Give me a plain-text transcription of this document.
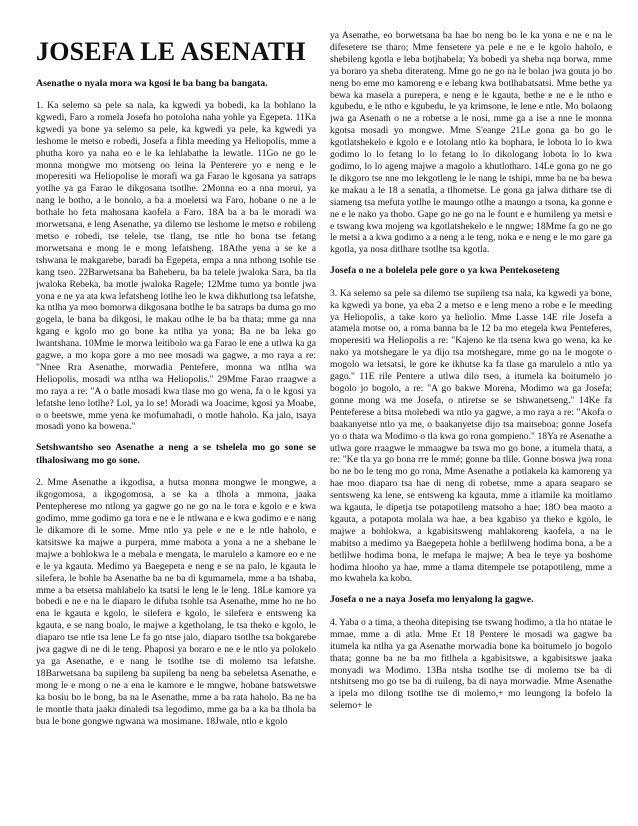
JOSEFA LE ASENATH
Asenathe o nyala mora wa kgosi le ba bang ba bangata.

1. Ka selemo sa pele sa nala, ka kgwedi ya bobedi, ka la bohlano la kgwedi, Faro a romela Josefa ho potoloha naha yohle ya Egepeta. 11Ka kgwedi ya bone ya selemo sa pele, ka kgwedi ya pele, ka kgwedi ya leshome le metso e robedi, Josefa a fihla meeding ya Heliopolis, mme a phutha koro ya naha eo e le ka lehlabathe la lewatle. 11Go ne go le monna mongwe mo motseng oo leina la Penterere yo e neng e le moperesiti wa Heliopolise le morafi wa ga Farao le kgosana ya satraps yotlhe ya ga Farao le dikgosana tsotlhe. 2Monna eo a nna moruì, ya nang le botho, a le bonolo, a ba a moeletsi wa Faro, hobane o ne a le bothale ho feta mahosana kaofela a Faro. 18A ba a ba le moradi wa morwetsana, e leng Asenathe, ya dilemo tse leshome le metso e robileng metso e robedi, tse telele, tse tlang, tse ntle ho bona tse fetang morwetsana e mong le e mong lefatsheng. 18Athe yena a se ke a tshwana le makgarebe, baradi ba Egepeta, empa a nna nthong tsohle tse kang tseo. 22Barwetsana ba Baheberu, ba ba telele jwaloka Sara, ba tla jwaloka Rebeka, ba motle jwaloka Ragele; 12Mme tumo ya bontle jwa yona e ne ya ata kwa lefatsheng lotlhe leo le kwa dikhutlong tsa lefatshe, ka ntlha ya moo bomorwa dikgosana botlhe le ba satraps ba duma go mo gogela, le bana ba dikgosi, le makau otlhe le ba ba thata; mme ga nna kgang e kgolo mo go bone ka ntlha ya yona; Ba ne ba leka go lwantshana. 10Mme le morwa leitibolo wa ga Farao le ene a utlwa ka ga gagwe, a mo kopa gore a mo nee mosadi wa gagwe, a mo raya a re: "Nnee Rra Asenathe, morwadia Pentefere, monna wa ntlha wa Heliopolis, mosadi wa ntlha wa Heliopolis." 29Mme Farao rraagwe a mo raya a re: "A o batle mosadi kwa tlase mo go wena, fa o le kgosi ya lefatshe leno lotlhe? Lol, ya lo se! Moradi wa Joacime, kgosi ya Moabe, o o beetswe, mme yena ke mofumahadi, o motle haholo. Ka jalo, tsaya mosadi yono ka bowena."

Setshwantsho seo Asenathe a neng a se tshelela mo go sone se tlhalosiwang mo go sone.

2. Mme Asenathe a ikgodisa, a hutsa monna mongwe le mongwe, a ikgogomosa, a ikgogomosa, a se ka a tlhola a mmona, jaaka Pentepherese mo ntlong ya gagwe go ne go na le tora e kgolo e e kwa godimo, mme godimo ga tora e ne e le ntlwana e e kwa godimo e e nang le dikamore di le some. Mme ntlo ya pele e ne e le ntle haholo, e katsitswe ka majwe a purpera, mme mabota a yona a ne a shebane le majwe a bohlokwa le a mebala e mengata, le marulelo a kamore eo e ne e le ya kgauta. Medimo ya Baegepeta e neng e se na palo, le kgauta le silefera, le bohle ba Asenathe ba ne ba di kgumamela, mme a ba tshaba, mme a ba etsetsa mahlabelo ka tsatsi le leng le le leng. 18Le kamore ya bobedi e ne e na le diaparo le difuba tsohle tsa Asenathe, mme ho ne ho ena le kgauta e kgolo, le silefera e kgolo, le silefera e entsweng ka kgauta, e se nang boalo, le majwe a kgetholang, le tsa theko e kgolo, le diaparo tse ntle tsa lene Le fa go ntse jalo, diaparo tsotlhe tsa bokgarebe jwa gagwe di ne di le teng. Phaposi ya boraro e ne e le ntlo ya polokelo ya ga Asenathe, e e nang le tsotlhe tse di molemo tsa lefatshe. 18Barwetsana ba supileng ba supileng ba neng ba sebeletsa Asenathe, e mong le e mong o ne a ena le kamore e le mngwe, hobane batswetswe ka bosiu bo le bong, ba na le Asenathe, mme a ba rata haholo. Ba ne ba le montle thata jaaka dinaledi tsa legodimo, mme ga ba a ka ba tlhola ba bua le bone gongwe ngwana wa mosimane. 18Jwale, ntlo e kgolo

ya Asenathe, eo borwetsana ba hae bo neng bo le ka yona e ne e na le difesetere tse tharo; Mme fensetere ya pele e ne e le kgolo haholo, e shebileng kgotla e leba botjhabela; Ya bobedi ya sheba nqa borwa, mme ya boraro ya sheba diterateng. Mme go ne go na le bolao jwa gouta jo bo neng bo eme mo kamoreng e e lebang kwa botlhabatsatsi. Mme bethe ya bewa ka masela a purepera, e neng e le kgauta, bethe e ne e le ntho e kgubedu, e le ntho e kgubedu, le ya krimsone, le lene e ntle. Mo bolaong jwa ga Asenath o ne a robetse a le nosi, mme ga a ise a nne le monna kgotsa mosadi yo mongwe. Mme S'eange 21Le gona ga bo go le kgotlatshekelo e kgolo e e lotolang ntlo ka bophara, le lobota lo lo kwa godimo lo lo fetang lo lo fetang lo lo dikologang lobota lo lo kwa godimo, lo lo ageng majwe a magolo a khutlotharo. 14Le gona go ne go le dikgoro tse nne mo lekgotleng le le nang le tshipi, mme ba ne ba bewa ke makau a le 18 a senatla, a tlhometse. Le gona ga jalwa dithare tse di siameng tsa mefuta yotlhe le maungo otlhe a maungo a tsona, ka gonne e ne e le nako ya thobo. Gape go ne go na le fount e e humileng ya metsi e e tswang kwa mojeng wa kgotlatshekelo e le nngwe; 18Mme fa go ne go le metsi a a kwa godimo a a neng a le teng, noka e e neng e le mo gare ga kgotla, ya nosa ditlhare tsotlhe tsa kgotla.

Josefa o ne a bolelela pele gore o ya kwa Pentekoseteng

3. Ka selemo sa pele sa dilemo tse supileng tsa nala, ka kgwedi ya bone, ka kgwedi ya bone, ya eba 2 a metso e e leng meno a robe e le meeding ya Heliopolis, a take koro ya heliolio. Mme Lasse 14E rile Josefa a atamela motse oo, a roma banna ba le 12 ba mo etegela kwa Penteferes, moperesiti wa Heliopolis a re: "Kajeno ke tla tsena kwa go wena, ka ke nako ya motshegare le ya dijo tsa motshegare, mme go na le mogote o mogolo wa letsatsi, le gore ke ikhutse ka fa tlase ga marulelo a ntlo ya gago." 11E rile Pentere a utlwa dilo tseo, a itumela ka boitumelo jo bogolo jo bogolo, a re: "A go bakwe Morena, Modimo wa ga Josefa; gonne mong wa me Josefa, o ntiretse se se tshwanetseng." 14Ke fa Penteferese a bitsa molebedi wa ntlo ya gagwe, a mo raya a re: "Akofa o baakanyetse ntlo ya me, o baakanyetse dijo tsa maitseboa; gonne Josefa yo o thata wa Modimo o tla kwa go rona gompieno." 18Ya re Asenathe a utlwa gore rraagwe le mmaagwe ba tswa mo go bone, a itumela thata, a re: "Ke tla ya go bona rre le mmé; gonne ba tlile. Gonne boswa jwa rona bo ne bo le teng mo go rona, Mme Asenathe a potlakela ka kamoreng ya hae moo diaparo tsa hae di neng di robetse, mme a apara seaparo se sentsweng ka lene, se entsweng ka kgauta, mme a itlamile ka moitlamo wa kgauta, le dipetja tse potapotileng matsoho a hae; 18O bea maoto a kgauta, a potapota molala wa hae, a bea kgabiso ya theko e kgolo, le majwe a bohlokwa, a kgabisitsweng mahlakoreng kaofela, a na le mabitso a medimo ya Baegepeta hohle a betlilweng hodima bona, a be a betlilwe hodima bona, le mefapa le majwe; A bea le teye ya boshome hodima hlooho ya hae, mme a tlama ditempele tse potapotileng, mme a mo kwahela ka kobo.

Josefa o ne a naya Josefa mo lenyalong la gagwe.

4. Yaba o a tima, a theoha ditepising tse tswang hodimo, a tla ho ntatae le mmae, mme a di atla. Mme Et 18 Pentere le mosadi wa gagwe ba itumela ka ntlha ya ga Asenathe morwadia bone ka boitumelo jo bogolo thata; gonne ba ne ba mo fitlhela a kgabisitswe, a kgabisitswe jaaka monyadi wa Modimo. 13Ba ntsha tsotlhe tse di molemo tse ba di ntshitseng mo go tse ba di ruileng, ba di naya morwadie. Mme Asenathe a ipela mo dilong tsotlhe tse di molemo,+ mo leungong la bofelo la selemo+ le
